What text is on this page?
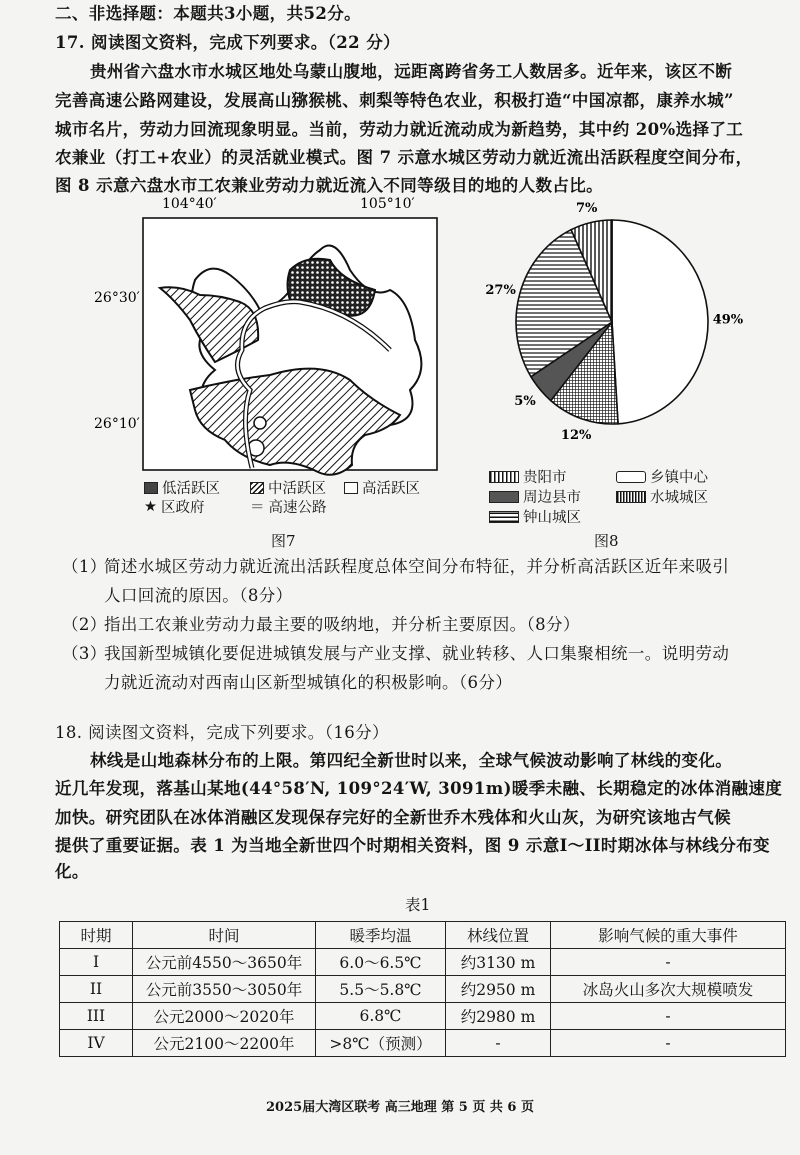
二、非选择题：本题共3小题，共52分。
17. 阅读图文资料，完成下列要求。（22 分）
贵州省六盘水市水城区地处乌蒙山腹地，远距离跨省务工人数居多。近年来，该区不断
完善高速公路网建设，发展高山猕猴桃、刺梨等特色农业，积极打造“中国凉都，康养水城”
城市名片，劳动力回流现象明显。当前，劳动力就近流动成为新趋势，其中约 20%选择了工
农兼业（打工+农业）的灵活就业模式。图 7 示意水城区劳动力就近流出活跃程度空间分布，
图 8 示意六盘水市工农兼业劳动力就近流入不同等级目的地的人数占比。
104°40′	105°10′
26°30′
26°10′
低活跃区	中活跃区 高活跃区
★ 区政府	＝ 高速公路
图7
49%
12%
5%
27%
7%
贵阳市	乡镇中心
周边县市	水城城区
钟山城区
图8
（1）
简述水城区劳动力就近流出活跃程度总体空间分布特征，并分析高活跃区近年来吸引
人口回流的原因。（8分）
（2）
指出工农兼业劳动力最主要的吸纳地，并分析主要原因。（8分）
（3）
我国新型城镇化要促进城镇发展与产业支撑、就业转移、人口集聚相统一。说明劳动
力就近流动对西南山区新型城镇化的积极影响。（6分）
18. 阅读图文资料，完成下列要求。（16分）
林线是山地森林分布的上限。第四纪全新世时以来，全球气候波动影响了林线的变化。
近几年发现，落基山某地(44°58′N, 109°24′W, 3091m)暖季未融、长期稳定的冰体消融速度
加快。研究团队在冰体消融区发现保存完好的全新世乔木残体和火山灰，为研究该地古气候
提供了重要证据。表 1 为当地全新世四个时期相关资料，图 9 示意I～II时期冰体与林线分布变
化。
表1
时期	时间	暖季均温	林线位置	影响气候的重大事件
I	公元前4550～3650年	6.0～6.5℃	约3130 m	-
II	公元前3550～3050年	5.5～5.8℃	约2950 m	冰岛火山多次大规模喷发
III	公元2000～2020年	6.8℃	约2980 m	-
IV	公元2100～2200年	>8℃（预测）	-	-
2025届大湾区联考 高三地理 第 5 页 共 6 页
